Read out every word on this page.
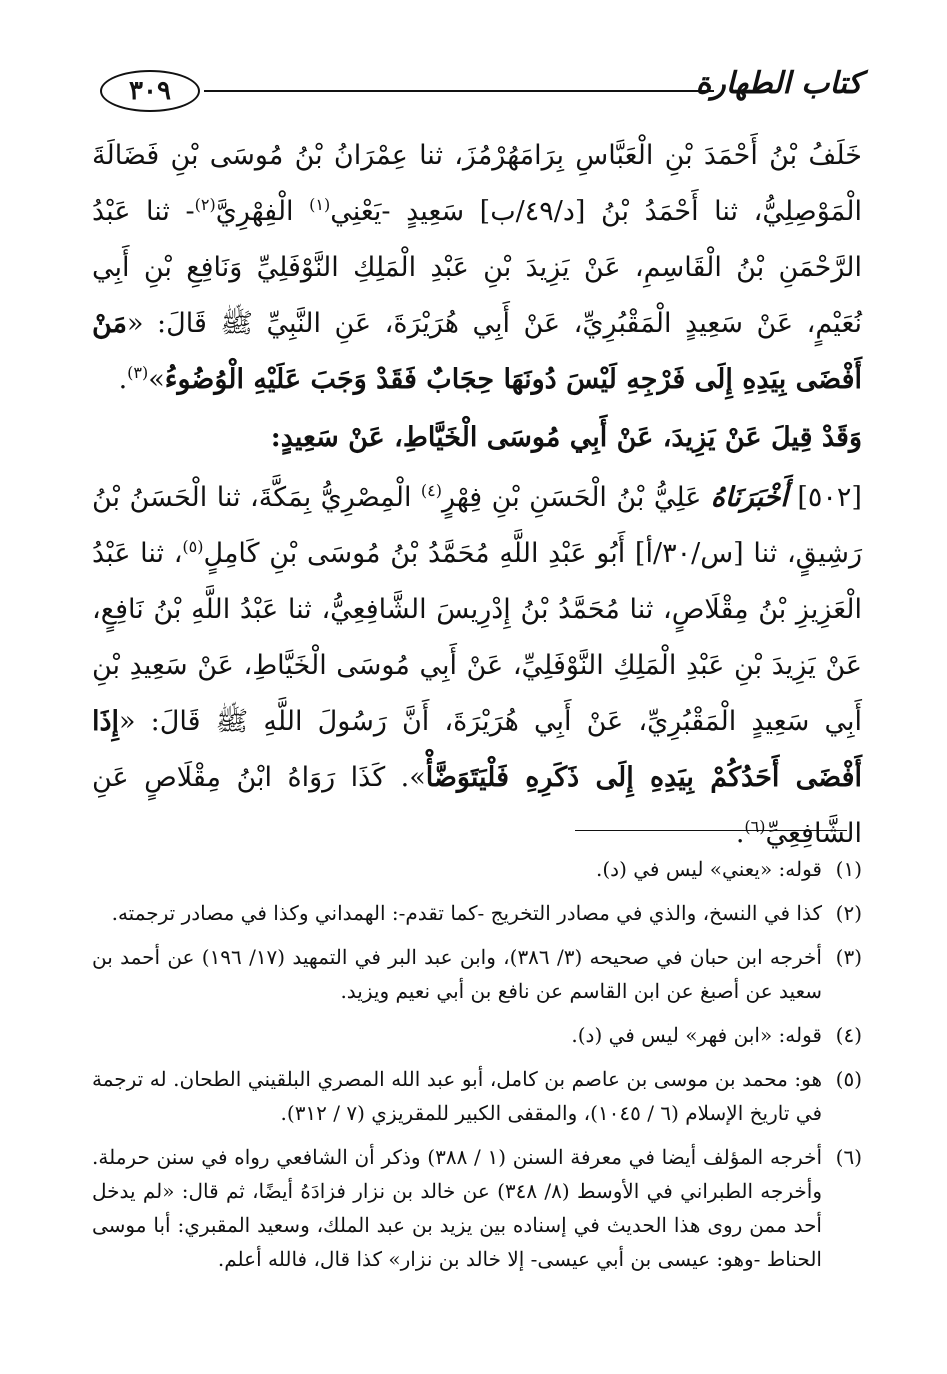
كتاب الطهارة
٣٠٩

خَلَفُ بْنُ أَحْمَدَ بْنِ الْعَبَّاسِ بِرَامَهُرْمُزَ، ثنا عِمْرَانُ بْنُ مُوسَى بْنِ فَضَالَةَ الْمَوْصِلِيُّ، ثنا أَحْمَدُ بْنُ [د/٤٩/ب] سَعِيدٍ -يَعْنِي$^{(١)}$ الْفِهْرِيَّ$^{(٢)}$- ثنا عَبْدُ الرَّحْمَنِ بْنُ الْقَاسِمِ، عَنْ يَزِيدَ بْنِ عَبْدِ الْمَلِكِ النَّوْفَلِيِّ وَنَافِعِ بْنِ أَبِي نُعَيْمٍ، عَنْ سَعِيدٍ الْمَقْبُرِيِّ، عَنْ أَبِي هُرَيْرَةَ، عَنِ النَّبِيِّ ﷺ قَالَ: «مَنْ أَفْضَى بِيَدِهِ إِلَى فَرْجِهِ لَيْسَ دُونَهَا حِجَابٌ فَقَدْ وَجَبَ عَلَيْهِ الْوُضُوءُ»$^{(٣)}$.

وَقَدْ قِيلَ عَنْ يَزِيدَ، عَنْ أَبِي مُوسَى الْخَيَّاطِ، عَنْ سَعِيدٍ:

[٥٠٢] أَخْبَرَنَاهُ عَلِيُّ بْنُ الْحَسَنِ بْنِ فِهْرٍ$^{(٤)}$ الْمِصْرِيُّ بِمَكَّةَ، ثنا الْحَسَنُ بْنُ رَشِيقٍ، ثنا [س/٣٠/أ] أَبُو عَبْدِ اللَّهِ مُحَمَّدُ بْنُ مُوسَى بْنِ كَامِلٍ$^{(٥)}$، ثنا عَبْدُ الْعَزِيزِ بْنُ مِقْلَاصٍ، ثنا مُحَمَّدُ بْنُ إِدْرِيسَ الشَّافِعِيُّ، ثنا عَبْدُ اللَّهِ بْنُ نَافِعٍ، عَنْ يَزِيدَ بْنِ عَبْدِ الْمَلِكِ النَّوْفَلِيِّ، عَنْ أَبِي مُوسَى الْخَيَّاطِ، عَنْ سَعِيدِ بْنِ أَبِي سَعِيدٍ الْمَقْبُرِيِّ، عَنْ أَبِي هُرَيْرَةَ، أَنَّ رَسُولَ اللَّهِ ﷺ قَالَ: «إِذَا أَفْضَى أَحَدُكُمْ بِيَدِهِ إِلَى ذَكَرِهِ فَلْيَتَوَضَّأْ». كَذَا رَوَاهُ ابْنُ مِقْلَاصٍ عَنِ الشَّافِعِيِّ$^{(٦)}$.

(١)
قوله: «يعني» ليس في (د).
(٢)
كذا في النسخ، والذي في مصادر التخريج -كما تقدم-: الهمداني وكذا في مصادر ترجمته.
(٣)
أخرجه ابن حبان في صحيحه (٣/ ٣٨٦)، وابن عبد البر في التمهيد (١٧/ ١٩٦) عن أحمد بن سعيد عن أصبغ عن ابن القاسم عن نافع بن أبي نعيم ويزيد.
(٤)
قوله: «ابن فهر» ليس في (د).
(٥)
هو: محمد بن موسى بن عاصم بن كامل، أبو عبد الله المصري البلقيني الطحان. له ترجمة في تاريخ الإسلام (٦ / ١٠٤٥)، والمقفى الكبير للمقريزي (٧ / ٣١٢).
(٦)
أخرجه المؤلف أيضا في معرفة السنن (١ / ٣٨٨) وذكر أن الشافعي رواه في سنن حرملة. وأخرجه الطبراني في الأوسط (٨/ ٣٤٨) عن خالد بن نزار فزادَهُ أيضًا، ثم قال: «لم يدخل أحد ممن روى هذا الحديث في إسناده بين يزيد بن عبد الملك، وسعيد المقبري: أبا موسى الحناط -وهو: عيسى بن أبي عيسى- إلا خالد بن نزار» كذا قال، فالله أعلم.
